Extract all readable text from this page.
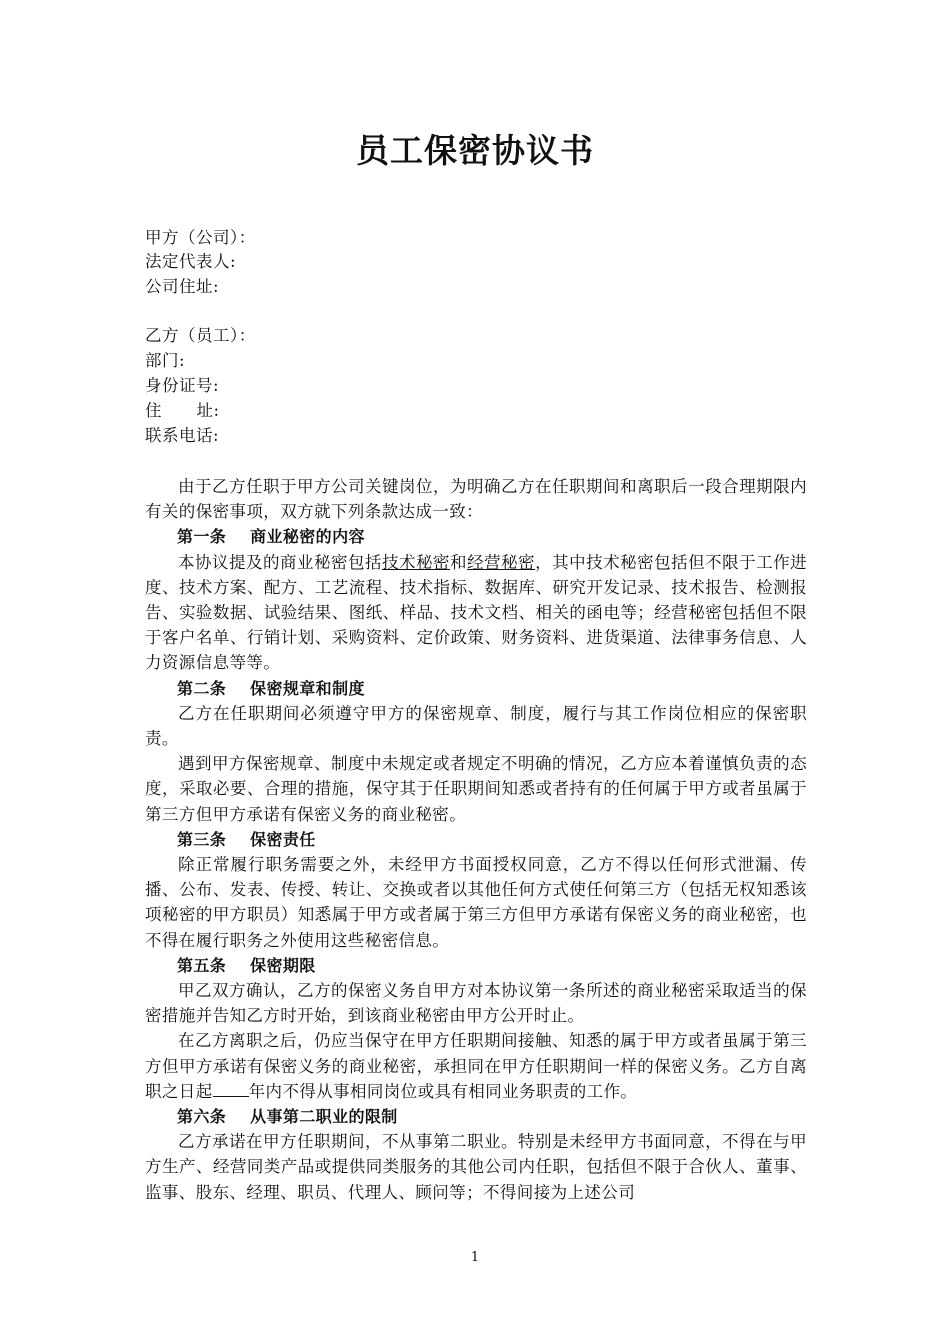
员工保密协议书
甲方（公司）：
法定代表人:
公司住址:
乙方（员工）：
部门:
身份证号:
住      址:
联系电话:

由于乙方任职于甲方公司关键岗位，为明确乙方在任职期间和离职后一段合理期限内有关的保密事项，双方就下列条款达成一致：

第一条    商业秘密的内容

本协议提及的商业秘密包括技术秘密和经营秘密，其中技术秘密包括但不限于工作进度、技术方案、配方、工艺流程、技术指标、数据库、研究开发记录、技术报告、检测报告、实验数据、试验结果、图纸、样品、技术文档、相关的函电等；经营秘密包括但不限于客户名单、行销计划、采购资料、定价政策、财务资料、进货渠道、法律事务信息、人力资源信息等等。

第二条    保密规章和制度

乙方在任职期间必须遵守甲方的保密规章、制度，履行与其工作岗位相应的保密职责。

遇到甲方保密规章、制度中未规定或者规定不明确的情况，乙方应本着谨慎负责的态度，采取必要、合理的措施，保守其于任职期间知悉或者持有的任何属于甲方或者虽属于第三方但甲方承诺有保密义务的商业秘密。

第三条    保密责任

除正常履行职务需要之外，未经甲方书面授权同意，乙方不得以任何形式泄漏、传播、公布、发表、传授、转让、交换或者以其他任何方式使任何第三方（包括无权知悉该项秘密的甲方职员）知悉属于甲方或者属于第三方但甲方承诺有保密义务的商业秘密，也不得在履行职务之外使用这些秘密信息。

第五条    保密期限

甲乙双方确认，乙方的保密义务自甲方对本协议第一条所述的商业秘密采取适当的保密措施并告知乙方时开始，到该商业秘密由甲方公开时止。

在乙方离职之后，仍应当保守在甲方任职期间接触、知悉的属于甲方或者虽属于第三方但甲方承诺有保密义务的商业秘密，承担同在甲方任职期间一样的保密义务。乙方自离职之日起 年内不得从事相同岗位或具有相同业务职责的工作。

第六条    从事第二职业的限制

乙方承诺在甲方任职期间，不从事第二职业。特别是未经甲方书面同意，不得在与甲方生产、经营同类产品或提供同类服务的其他公司内任职，包括但不限于合伙人、董事、监事、股东、经理、职员、代理人、顾问等；不得间接为上述公司

1
